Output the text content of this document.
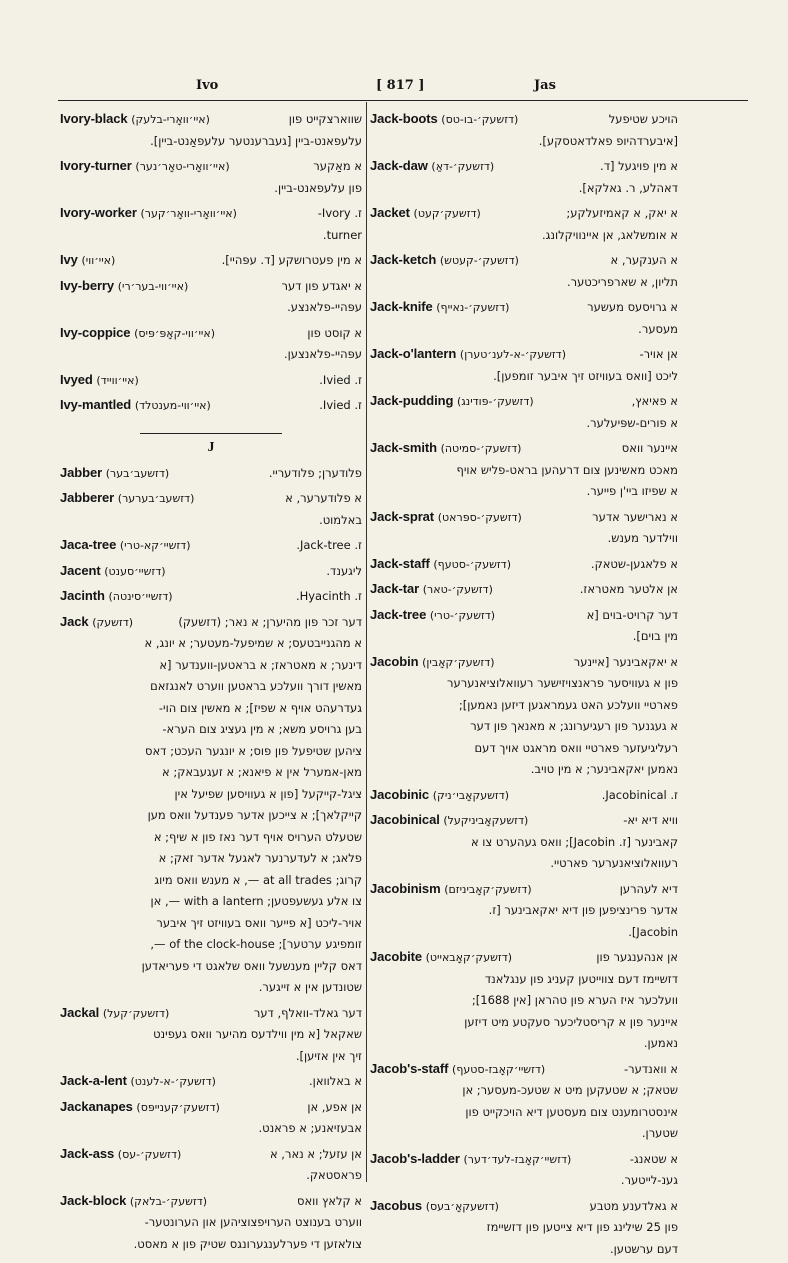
Ivo	[ 817 ]	Jas
Ivory-black (איי׳וואָרי-בלעק)	שווארצקייט פון
עלעפאנט-ביין [געברענטער עלעפאַנט-ביין].
Ivory-turner (איי׳וואָרי-טאָר׳נער)	א מאַקער
פון עלעפאנט-ביין.
Ivory-worker (איי׳וואָרי-וואָר׳קער)	ז. Ivory-
turner.
Ivy (איי׳ווי)	א מין פעטרושקע [ד. עפּהיי].
Ivy-berry (איי׳ווי-בער׳רי)	א יאגדע פון דער
עפּהיי-פלאנצע.
Ivy-coppice (איי׳ווי-קאָפּ׳פּיס)	א קוסט פון
עפּהיי-פלאנצען.
Ivyed (איי׳ווייד)	ז. Ivied.
Ivy-mantled (איי׳ווי-מענטלד)	ז. Ivied.
J
Jabber (דזשעב׳בער)	פלודערן; פלודעריי.
Jabberer (דזשעב׳בערער)	א פלודערער, א
באלמוט.
Jaca-tree (דזשיי׳קא-טרי)	ז. Jack-tree.
Jacent (דזשיי׳סענט)	ליגענד.
Jacinth (דזשיי׳סינטה)	ז. Hyacinth.
Jack (דזשעק)	דער זכר פון מהיערן; א נאר; (דזשעק)
א מהגנייבטעס; א שמיפעל-מעטער; א יונג, א
דינער; א מאטראז; א בראטען-ווענדער [א
מאשין דורך וועלכע בראטען ווערט לאנגזאם
געדרעהט אויף א שפיז]; א מאשין צום הוי-
בען גרויסע משא; א מין געציג צום הערא-
ציהען שטיפעל פון פוס; א יונגער העכט; דאס
מאן-אמערל אין א פיאנא; א זעגעבאק; א
ציגל-קייקעל [פון א געוויסען שפיעל אין
קייקלאך]; א צייכען אדער פענדעל וואס מען
שטעלט הערויס אויף דער נאז פון א שיף; א
פלאג; א לעדערנער לאגעל אדער זאק; א
קרוג; at all trades —, א מענש וואס מיוג
צו אלע געשעפטען; with a lantern —, אן
אויר-ליכט [א פייער וואס בעוויזט זיך איבער
זומפיגע ערטער]; of the clock-house —,
דאס קליין מענשעל וואס שלאגט די פעריאדען
שטונדען אין א זייגער.
Jackal (דזשעק׳קעל)	דער גאלד-וואלף, דער
שאקאל [א מין ווילדעס מהיער וואס געפינט
זיך אין אזיען].
Jack-a-lent (דזשעק׳-א-לענט)	א באלוואן.
Jackanapes (דזשעק׳קענייפּס)	אן אפע, אן
אבעזיאנע; א פראנט.
Jack-ass (דזשעק׳-עס)	אן עזעל; א נאר, א
פראסטאק.
Jack-block (דזשעק׳-בלאק)	א קלאץ וואס
ווערט בענוצט הערויפצוציהען און הערונטער-
צולאזען די פערלענגערונגס שטיק פון א מאסט.
Jack-boots (דזשעק׳-בו-טס)	הויכע שטיפעל
[איבערדהיופ פאלדאטסקע].
Jack-daw (דזשעק׳-דאַ)	א מין פויגעל [ד.
דאהלע, ר. גאלקא].
Jacket (דזשעק׳קעט)	א יאק, א קאמיזעלקע;
א אומשלאג, אן איינוויקלונג.
Jack-ketch (דזשעק׳-קעטש)	א הענקער, א
תליון, א שארפריכטער.
Jack-knife (דזשעק׳-נאייף)	א גרויסעס מעשער
מעסער.
Jack-o'lantern (דזשעק׳-א-לענ׳טערן)	אן אויר-
ליכט [וואס בעוויזט זיך איבער זומפען].
Jack-pudding (דזשעק׳-פּודינג)	א פאיאץ,
א פורים-שפּיעלער.
Jack-smith (דזשעק׳-סמיטה)	איינער וואס
מאכט מאשינען צום דרעהען בראט-פליש אויף
א שפיזו ביי'ן פייער.
Jack-sprat (דזשעק׳-ספּראט)	א נארישער אדער
ווילדער מענש.
Jack-staff (דזשעק׳-סטעף)	א פלאגען-שטאק.
Jack-tar (דזשעק׳-טאר)	אן אלטער מאטראז.
Jack-tree (דזשעק׳-טרי)	דער קרויט-בוים [א
מין בוים].
Jacobin (דזשעק׳קאָבין)	א יאקאבינער [איינער
פון א געוויסער פראנצויזישער רעוואלוציאנערער
פארטיי וועלכע האט געמראגען דיזען נאמען];
א געגנער פון רעגיערונג; א מאנאך פון דער
רעליגיעזער פארטיי וואס מראגט אויך דעם
נאמען יאקאבינער; א מין טויב.
Jacobinic (דזשעקאָבי׳ניק)	ז. Jacobinical.
Jacobinical (דזשעקאָביניקעל)	וויא דיא יא-
קאבינער [ז. Jacobin]; וואס געהערט צו א
רעוואלוציאנערער פארטיי.
Jacobinism (דזשעק׳קאָביניזם)	דיא לעהרען
אדער פרינציפען פון דיא יאקאבינער [ז.
Jacobin].
Jacobite (דזשעק׳קאָבאייט)	אן אנהענגער פון
דזשיימז דעם צווייטען קעניג פון ענגלאנד
וועלכער איז הערא פון טהראן [אין 1688];
איינער פון א קריסטליכער סעקטע מיט דיזען
נאמען.
Jacob's-staff (דזשיי׳קאָבז-סטעף)	א וואנדער-
שטאק; א שטעקען מיט א שטעכ-מעסער; אן
אינסטרומענט צום מעסטען דיא הויכקייט פון
שטערן.
Jacob's-ladder (דזשיי׳קאָבז-לעד׳דער)	א שטאנג-
גענ-לייטער.
Jacobus (דזשעקאָ׳בעס)	א גאלדענע מטבע
פון 25 שילינג פון דיא צייטען פון דזשיימז
דעם ערשטען.
